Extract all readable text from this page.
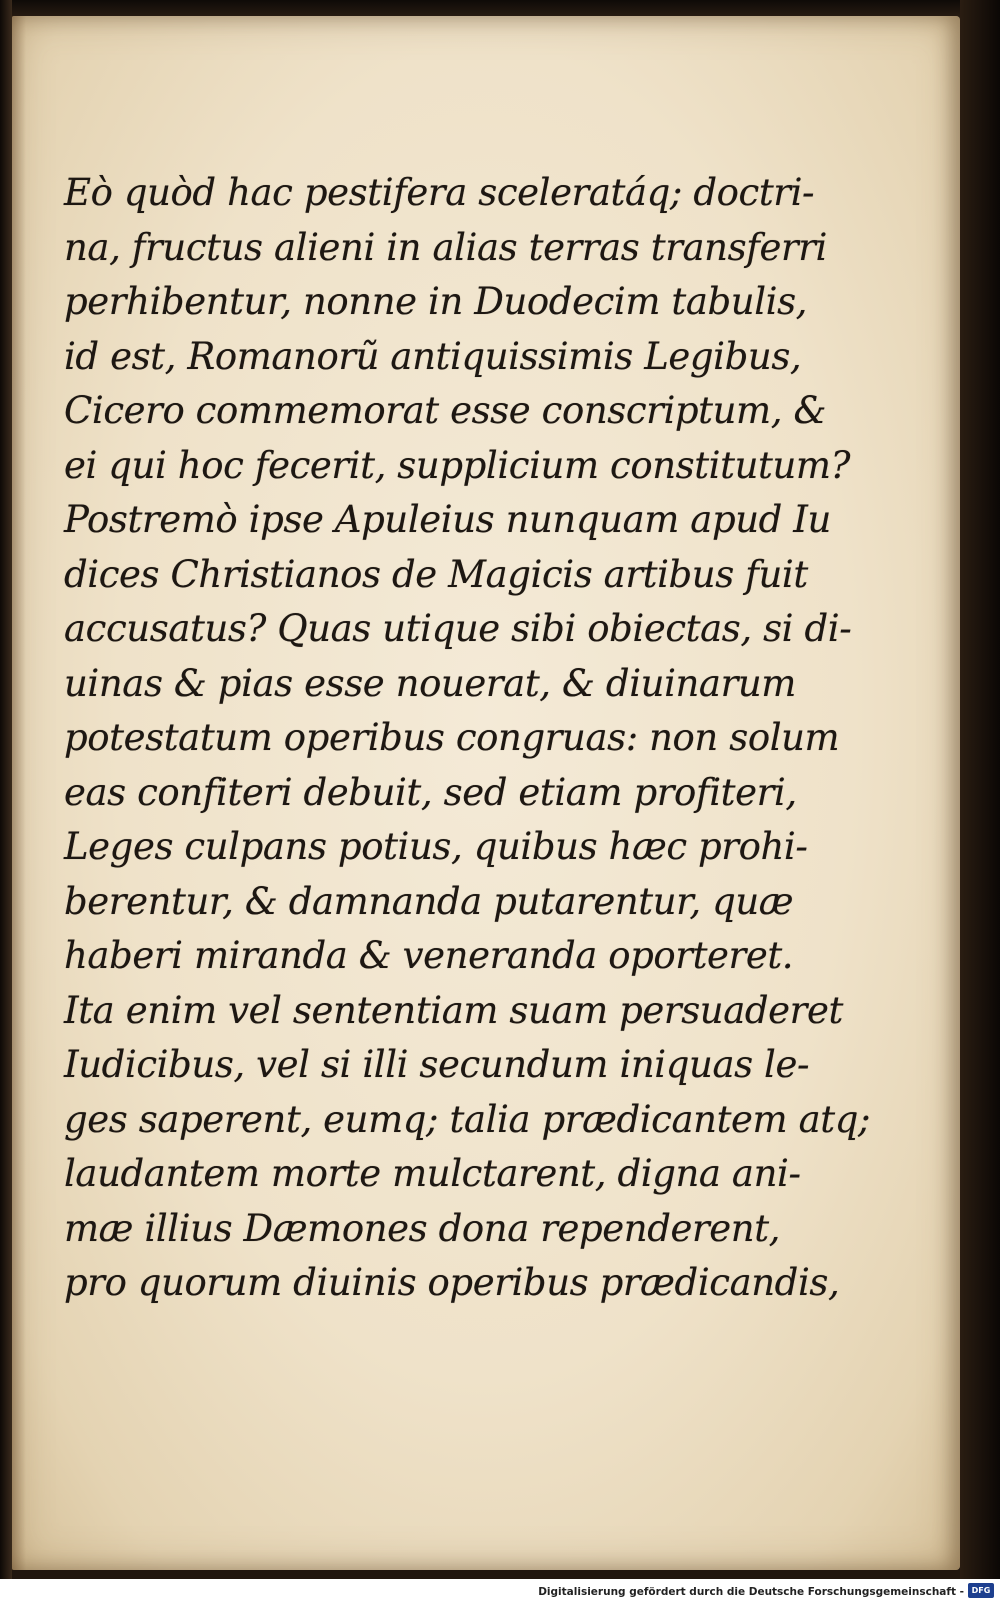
Eò quòd hac pestifera sceleratáq; doctri-
na, fructus alieni in alias terras transferri
perhibentur, nonne in Duodecim tabulis,
id est, Romanorũ antiquissimis Legibus,
Cicero commemorat esse conscriptum, &
ei qui hoc fecerit, supplicium constitutum?
Postremò ipse Apuleius nunquam apud Iu
dices Christianos de Magicis artibus fuit
accusatus? Quas utique sibi obiectas, si di-
uinas & pias esse nouerat, & diuinarum
potestatum operibus congruas: non solum
eas confiteri debuit, sed etiam profiteri,
Leges culpans potius, quibus hæc prohi-
berentur, & damnanda putarentur, quæ
haberi miranda & veneranda oporteret.
Ita enim vel sententiam suam persuaderet
Iudicibus, vel si illi secundum iniquas le-
ges saperent, eumq; talia prædicantem atq;
laudantem morte mulctarent, digna ani-
mæ illius Dæmones dona rependerent,
pro quorum diuinis operibus prædicandis,
Digitalisierung gefördert durch die Deutsche Forschungsgemeinschaft - DFG
